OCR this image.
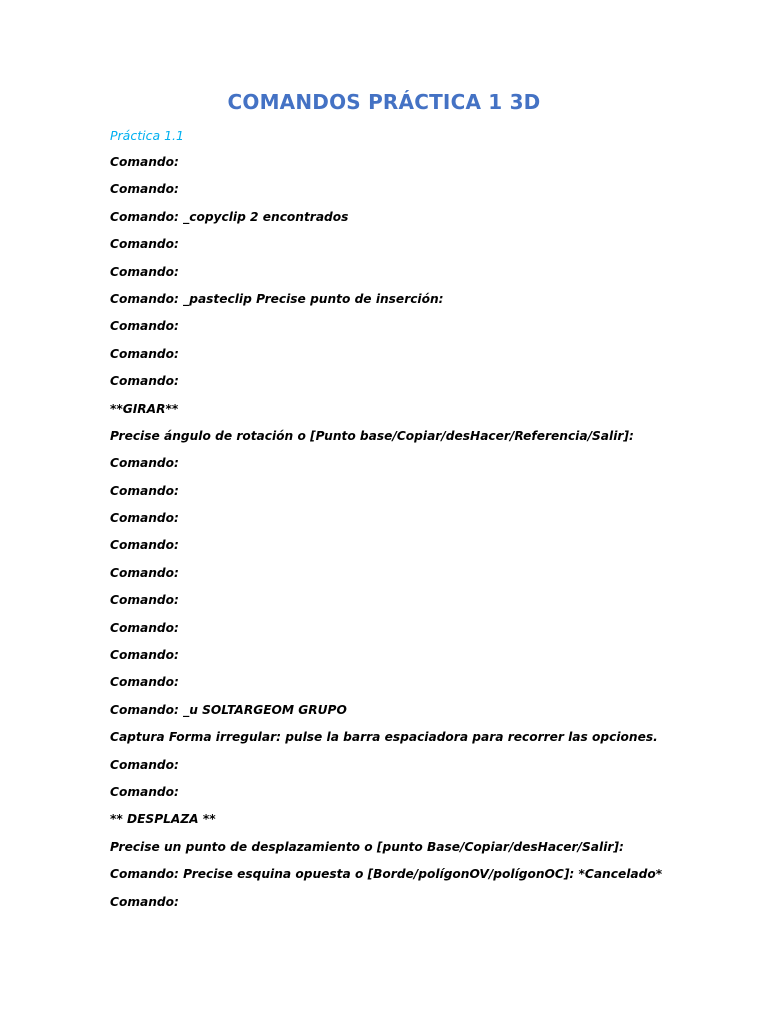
COMANDOS PRÁCTICA 1 3D
Práctica 1.1
Comando:
Comando:
Comando: _copyclip 2 encontrados
Comando:
Comando:
Comando: _pasteclip Precise punto de inserción:
Comando:
Comando:
Comando:
**GIRAR**
Precise ángulo de rotación o [Punto base/Copiar/desHacer/Referencia/Salir]:
Comando:
Comando:
Comando:
Comando:
Comando:
Comando:
Comando:
Comando:
Comando:
Comando: _u SOLTARGEOM GRUPO
Captura Forma irregular: pulse la barra espaciadora para recorrer las opciones.
Comando:
Comando:
** DESPLAZA **
Precise un punto de desplazamiento o [punto Base/Copiar/desHacer/Salir]:
Comando: Precise esquina opuesta o [Borde/polígonOV/polígonOC]: *Cancelado*
Comando:
